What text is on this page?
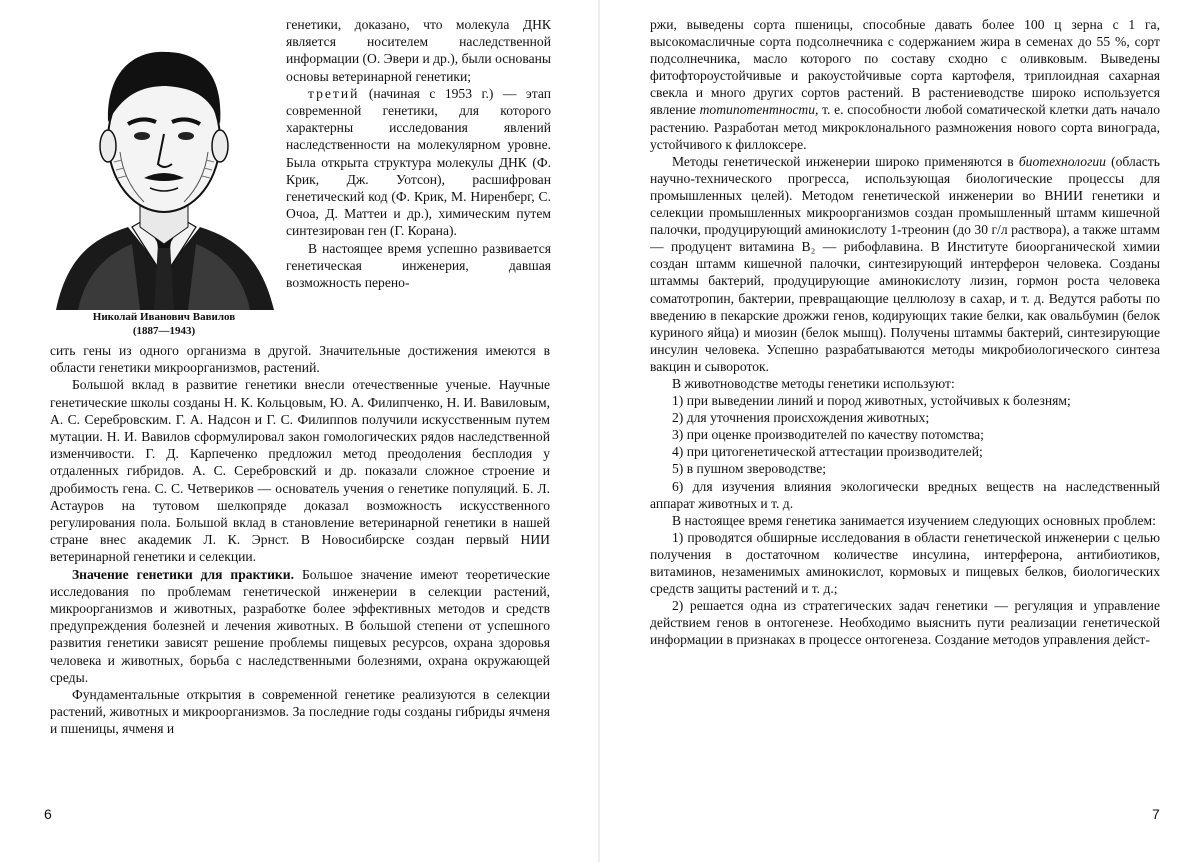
Николай Иванович Вавилов
(1887—1943)

генетики, доказано, что молекула ДНК является носителем наследственной информации (О. Эвери и др.), были основаны основы ветеринарной генетики;

третий (начиная с 1953 г.) — этап современной генетики, для которого характерны исследования явлений наследственности на молекулярном уровне. Была открыта структура молекулы ДНК (Ф. Крик, Дж. Уотсон), расшифрован генетический код (Ф. Крик, М. Ниренберг, С. Очоа, Д. Маттеи и др.), химическим путем синтезирован ген (Г. Корана).

В настоящее время успешно развивается генетическая инженерия, давшая возможность перено-

сить гены из одного организма в другой. Значительные достижения имеются в области генетики микроорганизмов, растений.

Большой вклад в развитие генетики внесли отечественные ученые. Научные генетические школы созданы Н. К. Кольцовым, Ю. А. Филипченко, Н. И. Вавиловым, А. С. Серебровским. Г. А. Надсон и Г. С. Филиппов получили искусственным путем мутации. Н. И. Вавилов сформулировал закон гомологических рядов наследственной изменчивости. Г. Д. Карпеченко предложил метод преодоления бесплодия у отдаленных гибридов. А. С. Серебровский и др. показали сложное строение и дробимость гена. С. С. Четвериков — основатель учения о генетике популяций. Б. Л. Астауров на тутовом шелкопряде доказал возможность искусственного регулирования пола. Большой вклад в становление ветеринарной генетики в нашей стране внес академик Л. К. Эрнст. В Новосибирске создан первый НИИ ветеринарной генетики и селекции.

Значение генетики для практики. Большое значение имеют теоретические исследования по проблемам генетической инженерии в селекции растений, микроорганизмов и животных, разработке более эффективных методов и средств предупреждения болезней и лечения животных. В большой степени от успешного развития генетики зависят решение проблемы пищевых ресурсов, охрана здоровья человека и животных, борьба с наследственными болезнями, охрана окружающей среды.

Фундаментальные открытия в современной генетике реализуются в селекции растений, животных и микроорганизмов. За последние годы созданы гибриды ячменя и пшеницы, ячменя и

6

ржи, выведены сорта пшеницы, способные давать более 100 ц зерна с 1 га, высокомасличные сорта подсолнечника с содержанием жира в семенах до 55 %, сорт подсолнечника, масло которого по составу сходно с оливковым. Выведены фитофтороустойчивые и ракоустойчивые сорта картофеля, триплоидная сахарная свекла и много других сортов растений. В растениеводстве широко используется явление тотипотентности, т. е. способности любой соматической клетки дать начало растению. Разработан метод микроклонального размножения нового сорта винограда, устойчивого к филлоксере.

Методы генетической инженерии широко применяются в биотехнологии (область научно-технического прогресса, использующая биологические процессы для промышленных целей). Методом генетической инженерии во ВНИИ генетики и селекции промышленных микроорганизмов создан промышленный штамм кишечной палочки, продуцирующий аминокислоту 1-треонин (до 30 г/л раствора), а также штамм — продуцент витамина В₂ — рибофлавина. В Институте биоорганической химии создан штамм кишечной палочки, синтезирующий интерферон человека. Созданы штаммы бактерий, продуцирующие аминокислоту лизин, гормон роста человека соматотропин, бактерии, превращающие целлюлозу в сахар, и т. д. Ведутся работы по введению в пекарские дрожжи генов, кодирующих такие белки, как овальбумин (белок куриного яйца) и миозин (белок мышц). Получены штаммы бактерий, синтезирующие инсулин человека. Успешно разрабатываются методы микробиологического синтеза вакцин и сывороток.

В животноводстве методы генетики используют:

1) при выведении линий и пород животных, устойчивых к болезням;

2) для уточнения происхождения животных;

3) при оценке производителей по качеству потомства;

4) при цитогенетической аттестации производителей;

5) в пушном звероводстве;

6) для изучения влияния экологически вредных веществ на наследственный аппарат животных и т. д.

В настоящее время генетика занимается изучением следующих основных проблем:

1) проводятся обширные исследования в области генетической инженерии с целью получения в достаточном количестве инсулина, интерферона, антибиотиков, витаминов, незаменимых аминокислот, кормовых и пищевых белков, биологических средств защиты растений и т. д.;

2) решается одна из стратегических задач генетики — регуляция и управление действием генов в онтогенезе. Необходимо выяснить пути реализации генетической информации в признаках в процессе онтогенеза. Создание методов управления дейст-

7
